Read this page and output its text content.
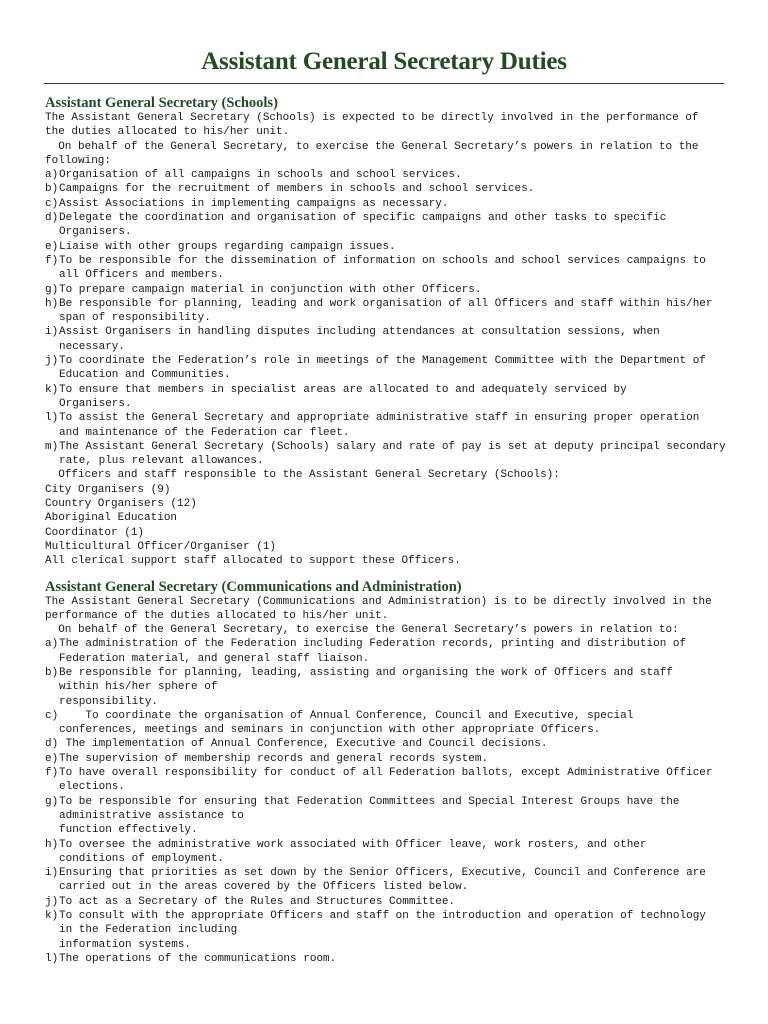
Assistant General Secretary Duties
Assistant General Secretary (Schools)
The Assistant General Secretary (Schools) is expected to be directly involved in the performance of
the duties allocated to his/her unit.
On behalf of the General Secretary, to exercise the General Secretary’s powers in relation to the
following:
a) Organisation of all campaigns in schools and school services.
b) Campaigns for the recruitment of members in schools and school services.
c) Assist Associations in implementing campaigns as necessary.
d) Delegate the coordination and organisation of specific campaigns and other tasks to specific
Organisers.
e) Liaise with other groups regarding campaign issues.
f) To be responsible for the dissemination of information on schools and school services campaigns to
all Officers and members.
g) To prepare campaign material in conjunction with other Officers.
h) Be responsible for planning, leading and work organisation of all Officers and staff within his/her
span of responsibility.
i) Assist Organisers in handling disputes including attendances at consultation sessions, when
necessary.
j) To coordinate the Federation’s role in meetings of the Management Committee with the Department of
Education and Communities.
k) To ensure that members in specialist areas are allocated to and adequately serviced by
Organisers.
l) To assist the General Secretary and appropriate administrative staff in ensuring proper operation
and maintenance of the Federation car fleet.
m) The Assistant General Secretary (Schools) salary and rate of pay is set at deputy principal secondary
rate, plus relevant allowances.
Officers and staff responsible to the Assistant General Secretary (Schools):
City Organisers (9)
Country Organisers (12)
Aboriginal Education
Coordinator (1)
Multicultural Officer/Organiser (1)
All clerical support staff allocated to support these Officers.
Assistant General Secretary (Communications and Administration)
The Assistant General Secretary (Communications and Administration) is to be directly involved in the
performance of the duties allocated to his/her unit.
On behalf of the General Secretary, to exercise the General Secretary’s powers in relation to:
a) The administration of the Federation including Federation records, printing and distribution of
Federation material, and general staff liaison.
b) Be responsible for planning, leading, assisting and organising the work of Officers and staff
within his/her sphere of
responsibility.
c) To coordinate the organisation of Annual Conference, Council and Executive, special
conferences, meetings and seminars in conjunction with other appropriate Officers.
d) The implementation of Annual Conference, Executive and Council decisions.
e) The supervision of membership records and general records system.
f) To have overall responsibility for conduct of all Federation ballots, except Administrative Officer
elections.
g) To be responsible for ensuring that Federation Committees and Special Interest Groups have the
administrative assistance to
function effectively.
h) To oversee the administrative work associated with Officer leave, work rosters, and other
conditions of employment.
i) Ensuring that priorities as set down by the Senior Officers, Executive, Council and Conference are
carried out in the areas covered by the Officers listed below.
j) To act as a Secretary of the Rules and Structures Committee.
k) To consult with the appropriate Officers and staff on the introduction and operation of technology
in the Federation including
information systems.
l) The operations of the communications room.
